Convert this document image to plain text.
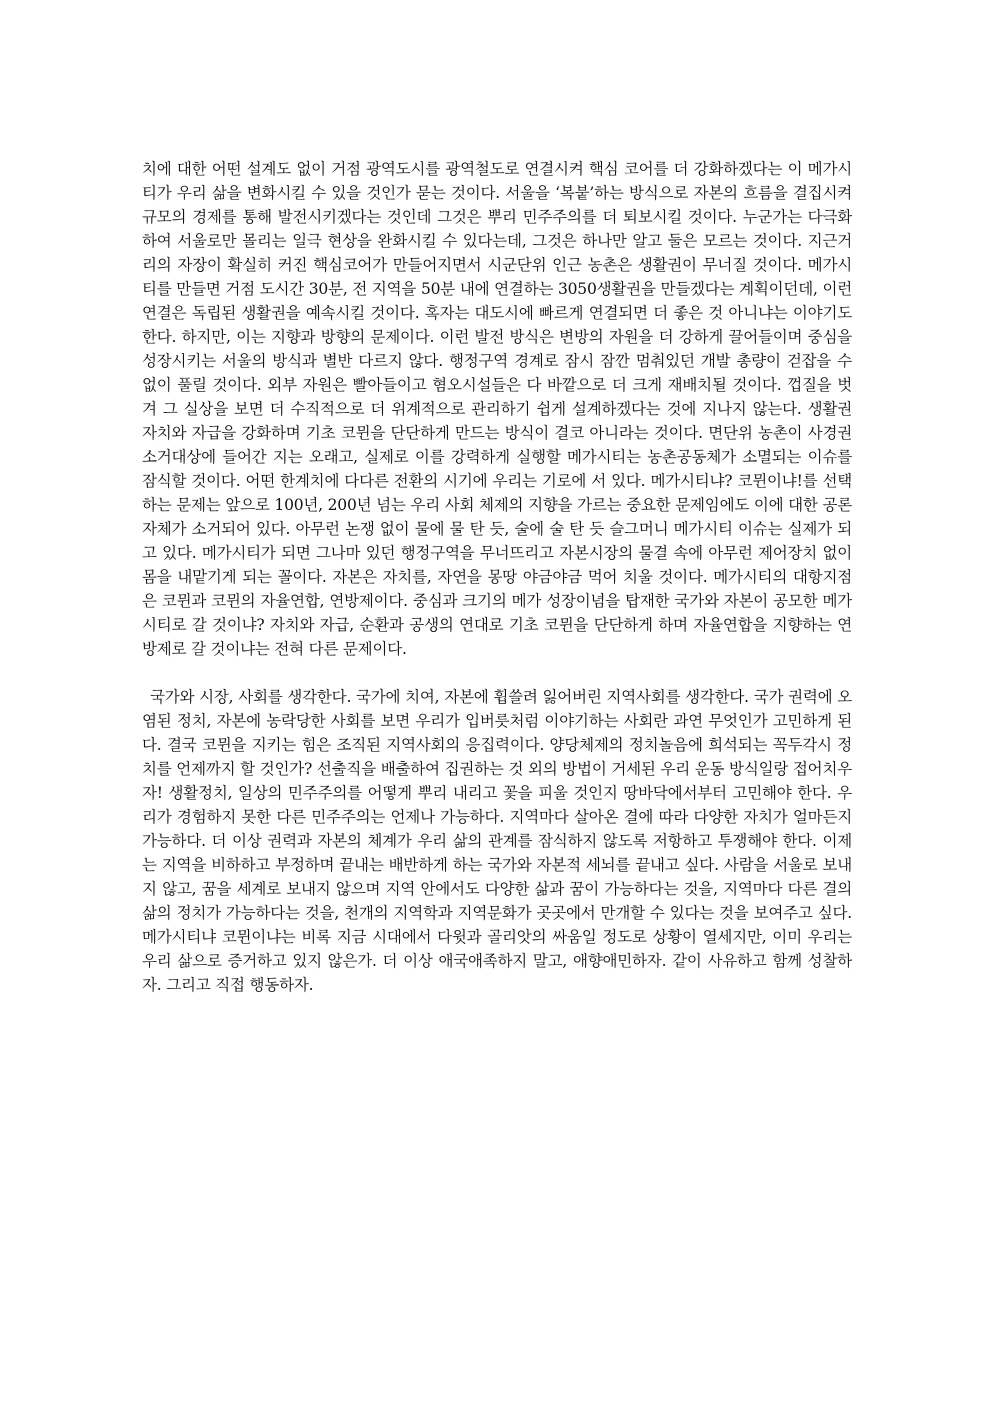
치에 대한 어떤 설계도 없이 거점 광역도시를 광역철도로 연결시켜 핵심 코어를 더 강화하겠다는 이 메가시티가 우리 삶을 변화시킬 수 있을 것인가 묻는 것이다. 서울을 ‘복붙’하는 방식으로 자본의 흐름을 결집시켜 규모의 경제를 통해 발전시키겠다는 것인데 그것은 뿌리 민주주의를 더 퇴보시킬 것이다. 누군가는 다극화하여 서울로만 몰리는 일극 현상을 완화시킬 수 있다는데, 그것은 하나만 알고 둘은 모르는 것이다. 지근거리의 자장이 확실히 커진 핵심코어가 만들어지면서 시군단위 인근 농촌은 생활권이 무너질 것이다. 메가시티를 만들면 거점 도시간 30분, 전 지역을 50분 내에 연결하는 3050생활권을 만들겠다는 계획이던데, 이런 연결은 독립된 생활권을 예속시킬 것이다. 혹자는 대도시에 빠르게 연결되면 더 좋은 것 아니냐는 이야기도 한다. 하지만, 이는 지향과 방향의 문제이다. 이런 발전 방식은 변방의 자원을 더 강하게 끌어들이며 중심을 성장시키는 서울의 방식과 별반 다르지 않다. 행정구역 경계로 잠시 잠깐 멈춰있던 개발 총량이 걷잡을 수 없이 풀릴 것이다. 외부 자원은 빨아들이고 혐오시설들은 다 바깥으로 더 크게 재배치될 것이다. 껍질을 벗겨 그 실상을 보면 더 수직적으로 더 위계적으로 관리하기 쉽게 설계하겠다는 것에 지나지 않는다. 생활권 자치와 자급을 강화하며 기초 코뮌을 단단하게 만드는 방식이 결코 아니라는 것이다. 면단위 농촌이 사경권 소거대상에 들어간 지는 오래고, 실제로 이를 강력하게 실행할 메가시티는 농촌공동체가 소멸되는 이슈를 잠식할 것이다. 어떤 한계치에 다다른 전환의 시기에 우리는 기로에 서 있다. 메가시티냐? 코뮌이냐!를 선택하는 문제는 앞으로 100년, 200년 넘는 우리 사회 체제의 지향을 가르는 중요한 문제임에도 이에 대한 공론 자체가 소거되어 있다. 아무런 논쟁 없이 물에 물 탄 듯, 술에 술 탄 듯 슬그머니 메가시티 이슈는 실제가 되고 있다. 메가시티가 되면 그나마 있던 행정구역을 무너뜨리고 자본시장의 물결 속에 아무런 제어장치 없이 몸을 내맡기게 되는 꼴이다. 자본은 자치를, 자연을 몽땅 야금야금 먹어 치울 것이다. 메가시티의 대항지점은 코뮌과 코뮌의 자율연합, 연방제이다. 중심과 크기의 메가 성장이념을 탑재한 국가와 자본이 공모한 메가시티로 갈 것이냐? 자치와 자급, 순환과 공생의 연대로 기초 코뮌을 단단하게 하며 자율연합을 지향하는 연방제로 갈 것이냐는 전혀 다른 문제이다.

국가와 시장, 사회를 생각한다. 국가에 치여, 자본에 휩쓸려 잃어버린 지역사회를 생각한다. 국가 권력에 오염된 정치, 자본에 농락당한 사회를 보면 우리가 입버릇처럼 이야기하는 사회란 과연 무엇인가 고민하게 된다. 결국 코뮌을 지키는 힘은 조직된 지역사회의 응집력이다. 양당체제의 정치놀음에 희석되는 꼭두각시 정치를 언제까지 할 것인가? 선출직을 배출하여 집권하는 것 외의 방법이 거세된 우리 운동 방식일랑 접어치우자! 생활정치, 일상의 민주주의를 어떻게 뿌리 내리고 꽃을 피울 것인지 땅바닥에서부터 고민해야 한다. 우리가 경험하지 못한 다른 민주주의는 언제나 가능하다. 지역마다 살아온 결에 따라 다양한 자치가 얼마든지 가능하다. 더 이상 권력과 자본의 체계가 우리 삶의 관계를 잠식하지 않도록 저항하고 투쟁해야 한다. 이제는 지역을 비하하고 부정하며 끝내는 배반하게 하는 국가와 자본적 세뇌를 끝내고 싶다. 사람을 서울로 보내지 않고, 꿈을 세계로 보내지 않으며 지역 안에서도 다양한 삶과 꿈이 가능하다는 것을, 지역마다 다른 결의 삶의 정치가 가능하다는 것을, 천개의 지역학과 지역문화가 곳곳에서 만개할 수 있다는 것을 보여주고 싶다. 메가시티냐 코뮌이냐는 비록 지금 시대에서 다윗과 골리앗의 싸움일 정도로 상황이 열세지만, 이미 우리는 우리 삶으로 증거하고 있지 않은가. 더 이상 애국애족하지 말고, 애향애민하자. 같이 사유하고 함께 성찰하자. 그리고 직접 행동하자.
